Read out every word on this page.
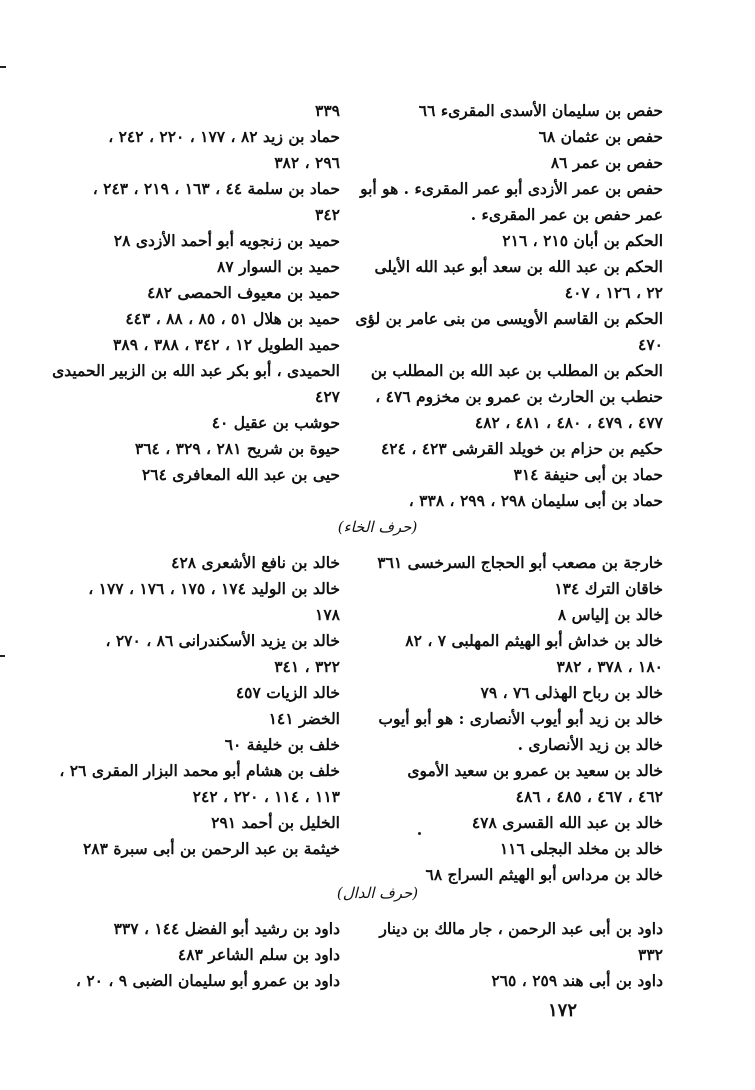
حفص بن سليمان الأسدى المقرىء ٦٦
حفص بن عثمان ٦٨
حفص بن عمر ٨٦
حفص بن عمر الأزدى أبو عمر المقرىء . هو أبو
عمر حفص بن عمر المقرىء .
الحكم بن أبان ٢١٥ ، ٢١٦
الحكم بن عبد الله بن سعد أبو عبد الله الأيلى
٢٢ ، ١٢٦ ، ٤٠٧
الحكم بن القاسم الأويسى من بنى عامر بن لؤى
٤٧٠
الحكم بن المطلب بن عبد الله بن المطلب بن
حنطب بن الحارث بن عمرو بن مخزوم ٤٧٦ ،
٤٧٧ ، ٤٧٩ ، ٤٨٠ ، ٤٨١ ، ٤٨٢
حكيم بن حزام بن خويلد القرشى ٤٢٣ ، ٤٢٤
حماد بن أبى حنيفة ٣١٤
حماد بن أبى سليمان ٢٩٨ ، ٢٩٩ ، ٣٣٨ ،
٣٣٩
حماد بن زيد ٨٢ ، ١٧٧ ، ٢٢٠ ، ٢٤٢ ،
٢٩٦ ، ٣٨٢
حماد بن سلمة ٤٤ ، ١٦٣ ، ٢١٩ ، ٢٤٣ ،
٣٤٢
حميد بن زنجويه أبو أحمد الأزدى ٢٨
حميد بن السوار ٨٧
حميد بن معيوف الحمصى ٤٨٢
حميد بن هلال ٥١ ، ٨٥ ، ٨٨ ، ٤٤٣
حميد الطويل ١٢ ، ٣٤٢ ، ٣٨٨ ، ٣٨٩
الحميدى ، أبو بكر عبد الله بن الزبير الحميدى
٤٢٧
حوشب بن عقيل ٤٠
حيوة بن شريح ٢٨١ ، ٣٢٩ ، ٣٦٤
حيى بن عبد الله المعافرى ٢٦٤
(حرف الخاء)
خارجة بن مصعب أبو الحجاج السرخسى ٣٦١
خاقان الترك ١٣٤
خالد بن إلياس ٨
خالد بن خداش أبو الهيثم المهلبى ٧ ، ٨٢
١٨٠ ، ٣٧٨ ، ٣٨٢
خالد بن رباح الهذلى ٧٦ ، ٧٩
خالد بن زيد أبو أيوب الأنصارى : هو أبو أيوب
خالد بن زيد الأنصارى .
خالد بن سعيد بن عمرو بن سعيد الأموى
٤٦٢ ، ٤٦٧ ، ٤٨٥ ، ٤٨٦
خالد بن عبد الله القسرى ٤٧٨
خالد بن مخلد البجلى ١١٦
خالد بن مرداس أبو الهيثم السراج ٦٨
خالد بن نافع الأشعرى ٤٢٨
خالد بن الوليد ١٧٤ ، ١٧٥ ، ١٧٦ ، ١٧٧ ،
١٧٨
خالد بن يزيد الأسكندرانى ٨٦ ، ٢٧٠ ،
٣٢٢ ، ٣٤١
خالد الزيات ٤٥٧
الخضر ١٤١
خلف بن خليفة ٦٠
خلف بن هشام أبو محمد البزار المقرى ٢٦ ،
١١٣ ، ١١٤ ، ٢٢٠ ، ٢٤٢
الخليل بن أحمد ٢٩١
خيثمة بن عبد الرحمن بن أبى سبرة ٢٨٣
(حرف الدال)
داود بن أبى عبد الرحمن ، جار مالك بن دينار
٣٣٢
داود بن أبى هند ٢٥٩ ، ٢٦٥
داود بن رشيد أبو الفضل ١٤٤ ، ٣٣٧
داود بن سلم الشاعر ٤٨٣
داود بن عمرو أبو سليمان الضبى ٩ ، ٢٠ ،
١٧٢
